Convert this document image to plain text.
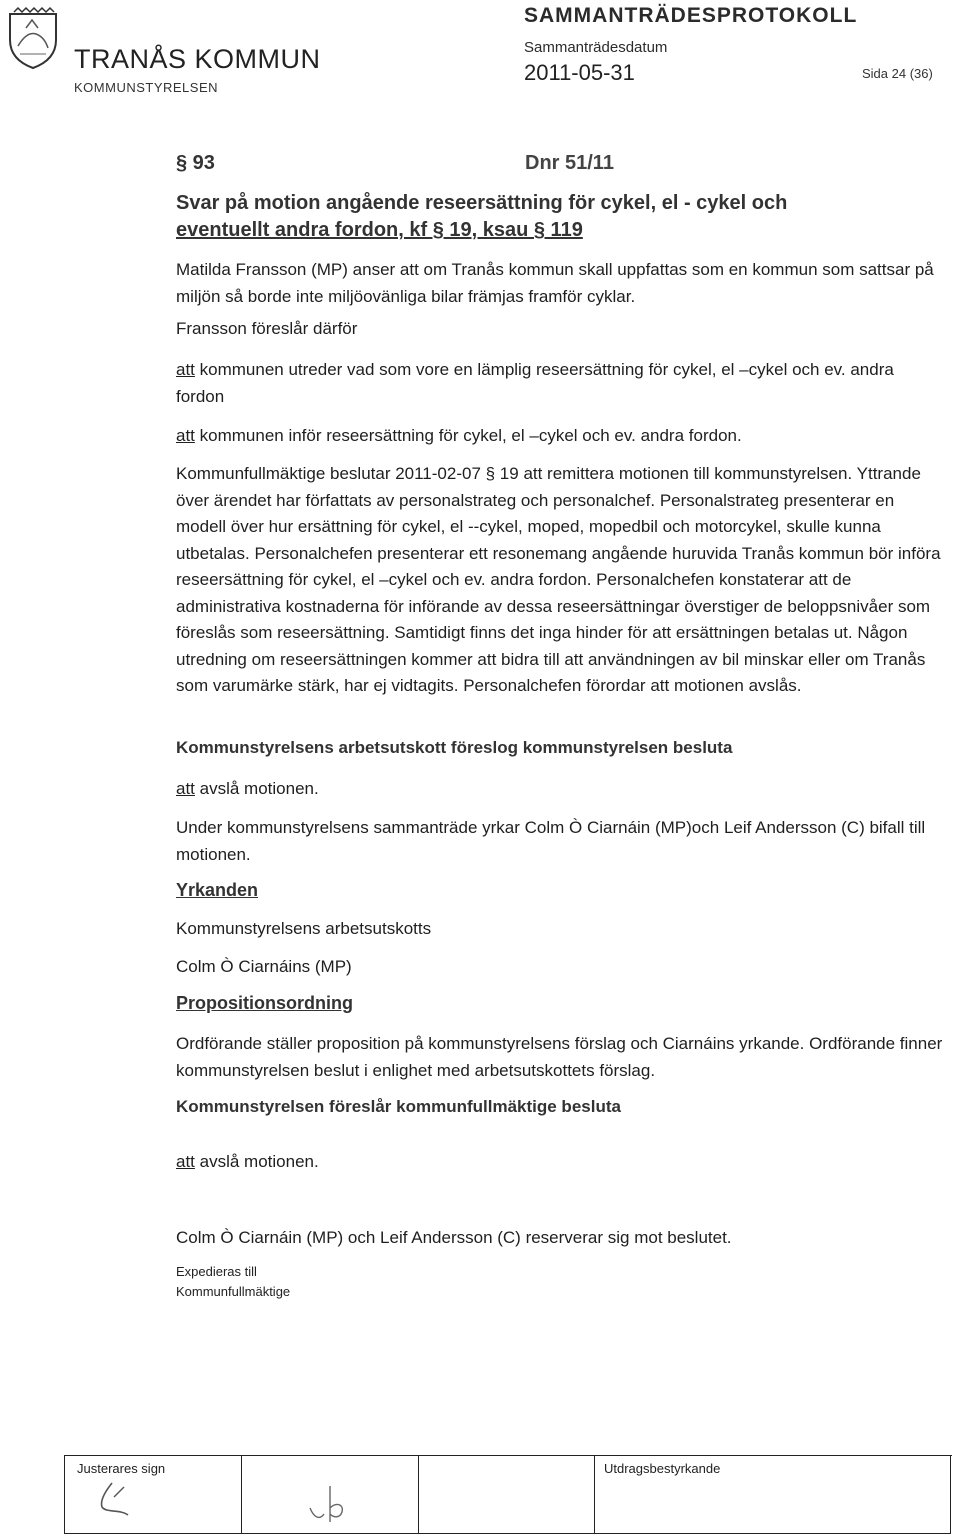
TRANÅS KOMMUN
KOMMUNSTYRELSEN
SAMMANTRÄDESPROTOKOLL
Sammanträdesdatum
2011-05-31	Sida 24 (36)
§ 93	Dnr 51/11
Svar på motion angående reseersättning för cykel, el - cykel och
eventuellt andra fordon, kf § 19, ksau § 119

Matilda Fransson (MP) anser att om Tranås kommun skall uppfattas som en kommun som sattsar på miljön så borde inte miljöovänliga bilar främjas framför cyklar.

Fransson föreslår därför

att kommunen utreder vad som vore en lämplig reseersättning för cykel, el –cykel och ev. andra fordon

att kommunen inför reseersättning för cykel, el –cykel och ev. andra fordon.

Kommunfullmäktige beslutar 2011-02-07 § 19 att remittera motionen till kommunstyrelsen. Yttrande över ärendet har författats av personalstrateg och personalchef. Personalstrateg presenterar en modell över hur ersättning för cykel, el --cykel, moped, mopedbil och motorcykel, skulle kunna utbetalas. Personalchefen presenterar ett resonemang angående huruvida Tranås kommun bör införa reseersättning för cykel, el –cykel och ev. andra fordon. Personalchefen konstaterar att de administrativa kostnaderna för införande av dessa reseersättningar överstiger de beloppsnivåer som föreslås som reseersättning. Samtidigt finns det inga hinder för att ersättningen betalas ut. Någon utredning om reseersättningen kommer att bidra till att användningen av bil minskar eller om Tranås som varumärke stärk, har ej vidtagits. Personalchefen förordar att motionen avslås.

Kommunstyrelsens arbetsutskott föreslog kommunstyrelsen besluta

att avslå motionen.

Under kommunstyrelsens sammanträde yrkar Colm Ò Ciarnáin (MP)och Leif Andersson (C) bifall till motionen.

Yrkanden

Kommunstyrelsens arbetsutskotts

Colm Ò Ciarnáins (MP)

Propositionsordning

Ordförande ställer proposition på kommunstyrelsens förslag och Ciarnáins yrkande. Ordförande finner kommunstyrelsen beslut i enlighet med arbetsutskottets förslag.

Kommunstyrelsen föreslår kommunfullmäktige besluta

att avslå motionen.

Colm Ò Ciarnáin (MP) och Leif Andersson (C) reserverar sig mot beslutet.

Expedieras till
Kommunfullmäktige
Justerares sign	Utdragsbestyrkande
